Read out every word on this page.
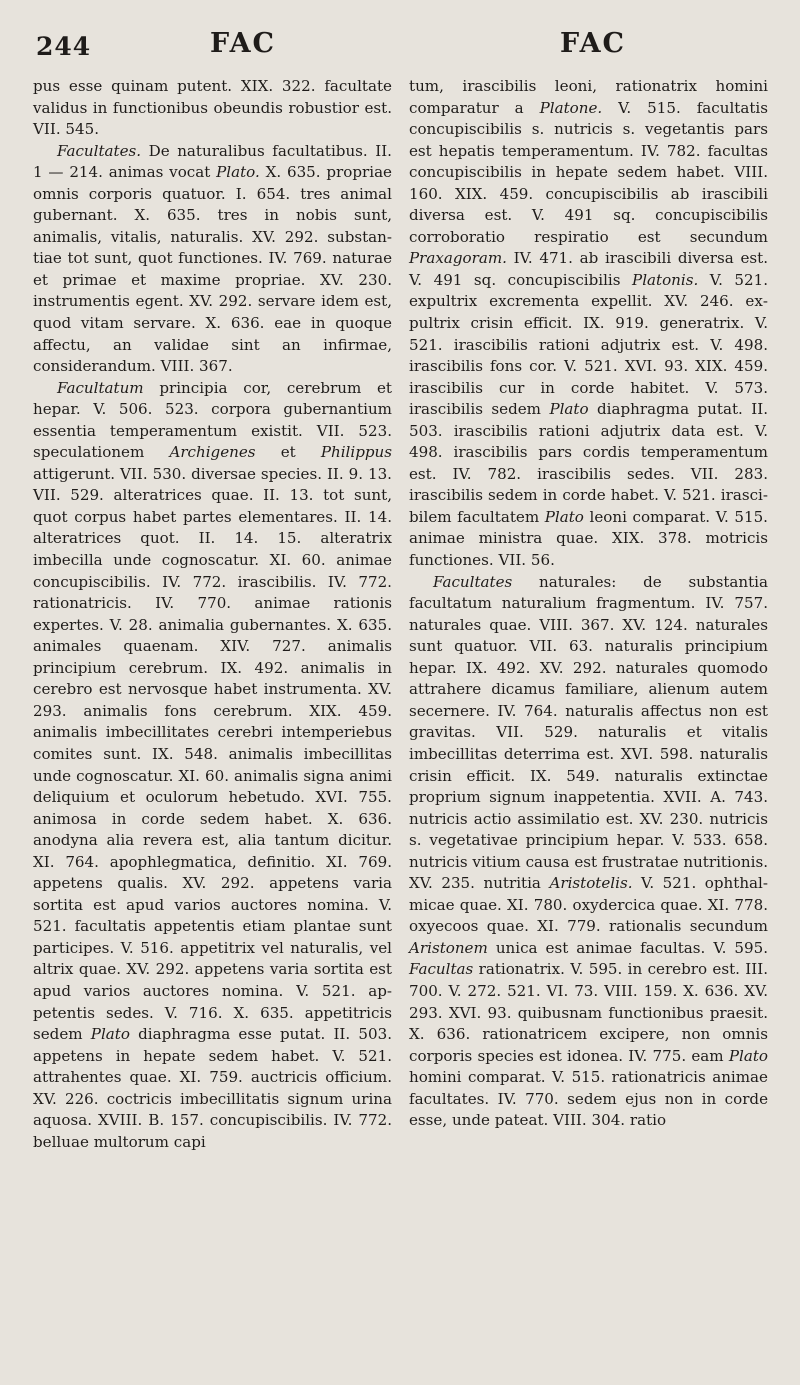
244	FAC	FAC

pus esse quinam putent. XIX. 322. facultate validus in functionibus obeundis robustior est. VII. 545.

Facultates. De naturalibus facultatibus. II. 1 — 214. animas vocat Plato. X. 635. propriae omnis corporis quatuor. I. 654. tres animal gubernant. X. 635. tres in nobis sunt, animalis, vitalis, naturalis. XV. 292. substantiae tot sunt, quot functiones. IV. 769. naturae et primae et maxime propriae. XV. 230. instrumentis egent. XV. 292. servare idem est, quod vitam servare. X. 636. eae in quoque affectu, an validae sint an infirmae, considerandum. VIII. 367.

Facultatum principia cor, cerebrum et hepar. V. 506. 523. corpora gubernantium essentia temperamentum existit. VII. 523. speculationem Archigenes et Philippus attigerunt. VII. 530. diversae species. II. 9. 13. VII. 529. alteratrices quae. II. 13. tot sunt, quot corpus habet partes elementares. II. 14. alteratrices quot. II. 14. 15. alteratrix imbecilla unde cognoscatur. XI. 60. animae concupiscibilis. IV. 772. irascibilis. IV. 772. rationatricis. IV. 770. animae rationis expertes. V. 28. animalia gubernantes. X. 635. animales quaenam. XIV. 727. animalis principium cerebrum. IX. 492. animalis in cerebro est nervosque habet instrumenta. XV. 293. animalis fons cerebrum. XIX. 459. animalis imbecillitates cerebri intemperiebus comites sunt. IX. 548. animalis imbecillitas unde cognoscatur. XI. 60. animalis signa animi deliquium et oculorum hebetudo. XVI. 755. animosa in corde sedem habet. X. 636. anodyna alia revera est, alia tantum dicitur. XI. 764. apophlegmatica, definitio. XI. 769. appetens qualis. XV. 292. appetens varia sortita est apud varios auctores nomina. V. 521. facultatis appetentis etiam plantae sunt participes. V. 516. appetitrix vel naturalis, vel altrix quae. XV. 292. appetens varia sortita est apud varios auctores nomina. V. 521. appetentis sedes. V. 716. X. 635. appetitricis sedem Plato diaphragma esse putat. II. 503. appetens in hepate sedem habet. V. 521. attrahentes quae. XI. 759. auctricis officium. XV. 226. coctricis imbecillitatis signum urina aquosa. XVIII. B. 157. concupiscibilis. IV. 772. belluae multorum capi

tum, irascibilis leoni, rationatrix homini comparatur a Platone. V. 515. facultatis concupiscibilis s. nutricis s. vegetantis pars est hepatis temperamentum. IV. 782. facultas concupiscibilis in hepate sedem habet. VIII. 160. XIX. 459. concupiscibilis ab irascibili diversa est. V. 491 sq. concupiscibilis corroboratio respiratio est secundum Praxagoram. IV. 471. ab irascibili diversa est. V. 491 sq. concupiscibilis Platonis. V. 521. expultrix excrementa expellit. XV. 246. expultrix crisin efficit. IX. 919. generatrix. V. 521. irascibilis rationi adjutrix est. V. 498. irascibilis fons cor. V. 521. XVI. 93. XIX. 459. irascibilis cur in corde habitet. V. 573. irascibilis sedem Plato diaphragma putat. II. 503. irascibilis rationi adjutrix data est. V. 498. irascibilis pars cordis temperamentum est. IV. 782. irascibilis sedes. VII. 283. irascibilis sedem in corde habet. V. 521. irascibilem facultatem Plato leoni comparat. V. 515. animae ministra quae. XIX. 378. motricis functiones. VII. 56.

Facultates naturales: de substantia facultatum naturalium fragmentum. IV. 757. naturales quae. VIII. 367. XV. 124. naturales sunt quatuor. VII. 63. naturalis principium hepar. IX. 492. XV. 292. naturales quomodo attrahere dicamus familiare, alienum autem secernere. IV. 764. naturalis affectus non est gravitas. VII. 529. naturalis et vitalis imbecillitas deterrima est. XVI. 598. naturalis crisin efficit. IX. 549. naturalis extinctae proprium signum inappetentia. XVII. A. 743. nutricis actio assimilatio est. XV. 230. nutricis s. vegetativae principium hepar. V. 533. 658. nutricis vitium causa est frustratae nutritionis. XV. 235. nutritia Aristotelis. V. 521. ophthalmicae quae. XI. 780. oxydercica quae. XI. 778. oxyecoos quae. XI. 779. rationalis secundum Aristonem unica est animae facultas. V. 595. Facultas rationatrix. V. 595. in cerebro est. III. 700. V. 272. 521. VI. 73. VIII. 159. X. 636. XV. 293. XVI. 93. quibusnam functionibus praesit. X. 636. rationatricem excipere, non omnis corporis species est idonea. IV. 775. eam Plato homini comparat. V. 515. rationatricis animae facultates. IV. 770. sedem ejus non in corde esse, unde pateat. VIII. 304. ratio
